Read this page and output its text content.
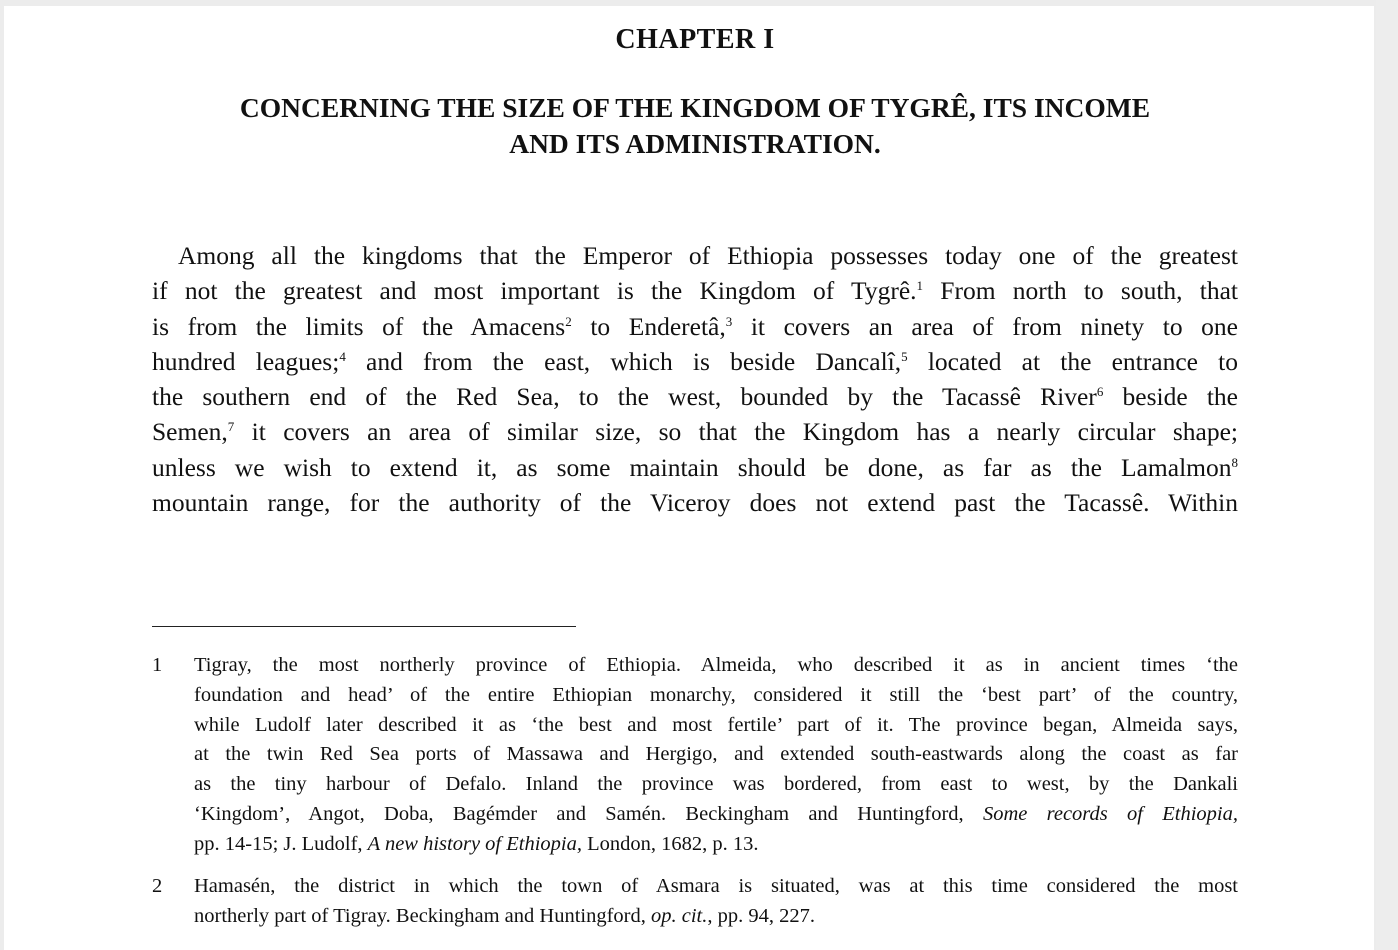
CHAPTER I
CONCERNING THE SIZE OF THE KINGDOM OF TYGRÊ, ITS INCOME
AND ITS ADMINISTRATION.
Among all the kingdoms that the Emperor of Ethiopia possesses today one of the greatest
if not the greatest and most important is the Kingdom of Tygrê.$^1$ From north to south, that
is from the limits of the Amacens$^2$ to Enderetâ,$^3$ it covers an area of from ninety to one
hundred leagues;$^4$ and from the east, which is beside Dancalî,$^5$ located at the entrance to
the southern end of the Red Sea, to the west, bounded by the Tacassê River$^6$ beside the
Semen,$^7$ it covers an area of similar size, so that the Kingdom has a nearly circular shape;
unless we wish to extend it, as some maintain should be done, as far as the Lamalmon$^8$
mountain range, for the authority of the Viceroy does not extend past the Tacassê. Within
1 Tigray, the most northerly province of Ethiopia. Almeida, who described it as in ancient times ‘the
foundation and head’ of the entire Ethiopian monarchy, considered it still the ‘best part’ of the country,
while Ludolf later described it as ‘the best and most fertile’ part of it. The province began, Almeida says,
at the twin Red Sea ports of Massawa and Hergigo, and extended south-eastwards along the coast as far
as the tiny harbour of Defalo. Inland the province was bordered, from east to west, by the Dankali
‘Kingdom’, Angot, Doba, Bagémder and Samén. Beckingham and Huntingford, Some records of Ethiopia,
pp. 14-15; J. Ludolf, A new history of Ethiopia, London, 1682, p. 13.
2 Hamasén, the district in which the town of Asmara is situated, was at this time considered the most
northerly part of Tigray. Beckingham and Huntingford, op. cit., pp. 94, 227.
